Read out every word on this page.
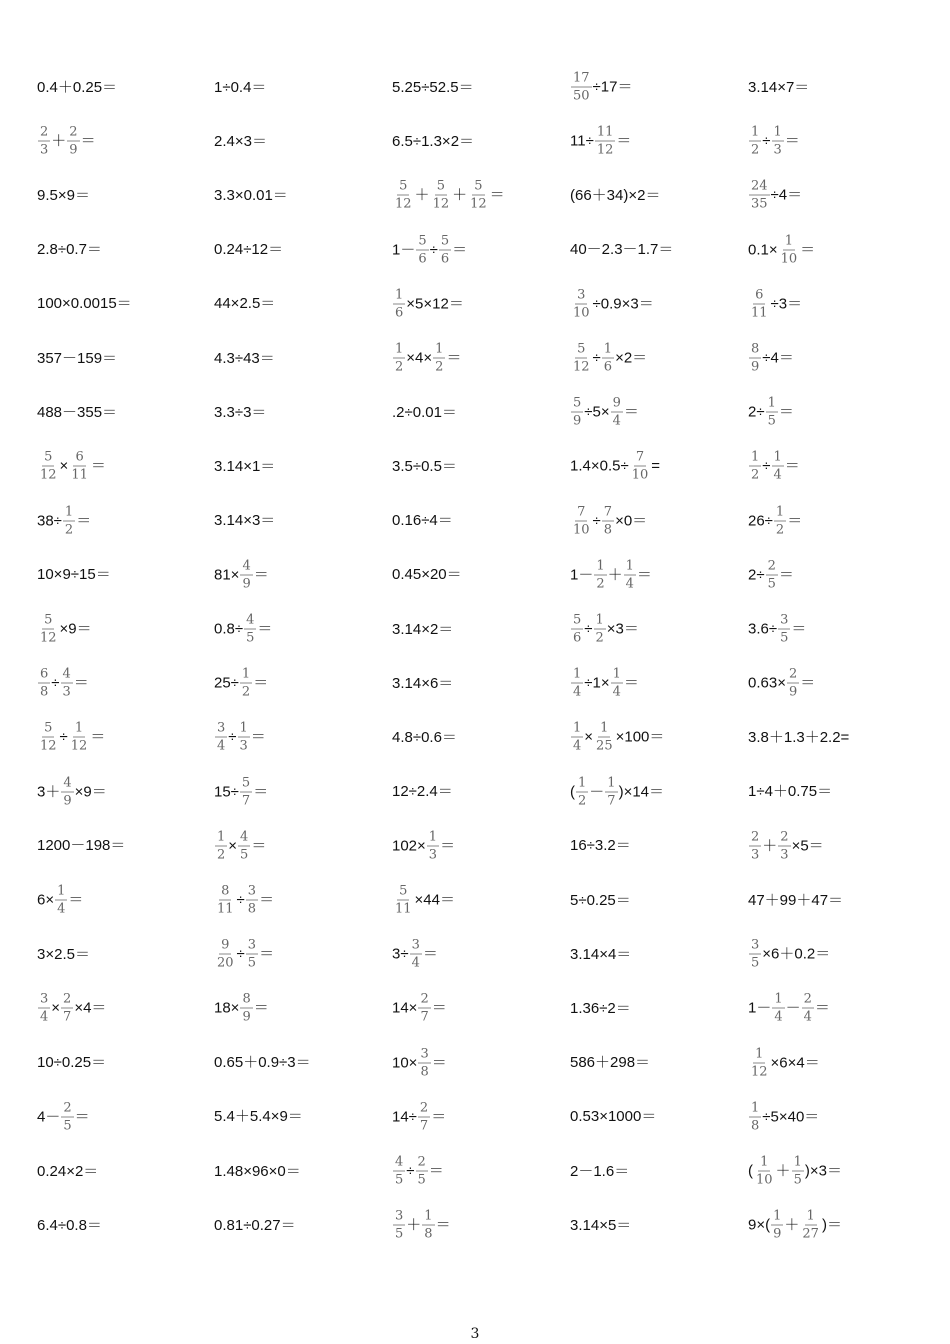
0.4＋0.25＝	1÷0.4＝	5.25÷52.5＝	$\frac{17}{50} \div 17=$	3.14×7＝
$\frac{2}{3} + \frac{2}{9}$ ＝	2.4×3＝	6.5÷1.3×2＝	$11\div \frac{11}{12}$ ＝	$\frac{1}{2} \div \frac{1}{3}$ ＝
9.5×9＝	3.3×0.01＝	$\frac{5}{12} + \frac{5}{12} + \frac{5}{12}$ ＝	(66＋34)×2＝	$\frac{24}{35} \div 4=$
2.8÷0.7＝	0.24÷12＝	$1- \frac{5}{6} \div \frac{5}{6}$ ＝	40－2.3－1.7＝	$0.1\times \frac{1}{10}$ ＝
100×0.0015＝	44×2.5＝	$\frac{1}{6} \times 5\times 12=$	$\frac{3}{10} \div 0.9\times 3=$	$\frac{6}{11} \div 3=$
357－159＝	4.3÷43＝	$\frac{1}{2} \times 4\times \frac{1}{2}$ ＝	$\frac{5}{12} \div \frac{1}{6} \times 2=$	$\frac{8}{9} \div 4=$
488－355＝	3.3÷3＝	.2÷0.01＝	$\frac{5}{9} \div 5\times \frac{9}{4}$ ＝	$2\div \frac{1}{5}$ ＝
$\frac{5}{12} \times \frac{6}{11}$ ＝	3.14×1＝	3.5÷0.5＝	$1.4\times 0.5\div \frac{7}{10}$ =	$\frac{1}{2} \div \frac{1}{4}$ ＝
$38\div \frac{1}{2}$ ＝	3.14×3＝	0.16÷4＝	$\frac{7}{10} \div \frac{7}{8} \times 0=$	$26\div \frac{1}{2}$ ＝
10×9÷15＝	$81\times \frac{4}{9}$ ＝	0.45×20＝	$1- \frac{1}{2} + \frac{1}{4}$ ＝	$2\div \frac{2}{5}$ ＝
$\frac{5}{12} \times 9=$	$0.8\div \frac{4}{5}$ ＝	3.14×2＝	$\frac{5}{6} \div \frac{1}{2} \times 3=$	$3.6\div \frac{3}{5}$ ＝
$\frac{6}{8} \div \frac{4}{3}$ ＝	$25\div \frac{1}{2}$ ＝	3.14×6＝	$\frac{1}{4} \div 1\times \frac{1}{4}$ ＝	$0.63\times \frac{2}{9}$ ＝
$\frac{5}{12} \div \frac{1}{12}$ ＝	$\frac{3}{4} \div \frac{1}{3}$ ＝	4.8÷0.6＝	$\frac{1}{4} \times \frac{1}{25} \times 100=$	3.8＋1.3＋2.2=
$3+ \frac{4}{9} \times 9=$	$15\div \frac{5}{7}$ ＝	12÷2.4＝	( $\frac{1}{2} - \frac{1}{7} )\times 14=$	1÷4＋0.75＝
1200－198＝	$\frac{1}{2} \times \frac{4}{5}$ ＝	$102\times \frac{1}{3}$ ＝	16÷3.2＝	$\frac{2}{3} + \frac{2}{3} \times 5=$
$6\times \frac{1}{4}$ ＝	$\frac{8}{11} \div \frac{3}{8}$ ＝	$\frac{5}{11} \times 44=$	5÷0.25＝	47＋99＋47＝
3×2.5＝	$\frac{9}{20} \div \frac{3}{5}$ ＝	$3\div \frac{3}{4}$ ＝	3.14×4＝	$\frac{3}{5} \times 6+0.2=$
$\frac{3}{4} \times \frac{2}{7} \times 4=$	$18\times \frac{8}{9}$ ＝	$14\times \frac{2}{7}$ ＝	1.36÷2＝	$1- \frac{1}{4} - \frac{2}{4}$ ＝
10÷0.25＝	0.65＋0.9÷3＝	$10\times \frac{3}{8}$ ＝	586＋298＝	$\frac{1}{12} \times 6\times 4=$
$4- \frac{2}{5}$ ＝	5.4＋5.4×9＝	$14\div \frac{2}{7}$ ＝	0.53×1000＝	$\frac{1}{8} \div 5\times 40=$
0.24×2＝	1.48×96×0＝	$\frac{4}{5} \div \frac{2}{5}$ ＝	2－1.6＝	( $\frac{1}{10} + \frac{1}{5} )\times 3=$
6.4÷0.8＝	0.81÷0.27＝	$\frac{3}{5} + \frac{1}{8}$ ＝	3.14×5＝	$9\times( \frac{1}{9} + \frac{1}{27}$ )＝
3
